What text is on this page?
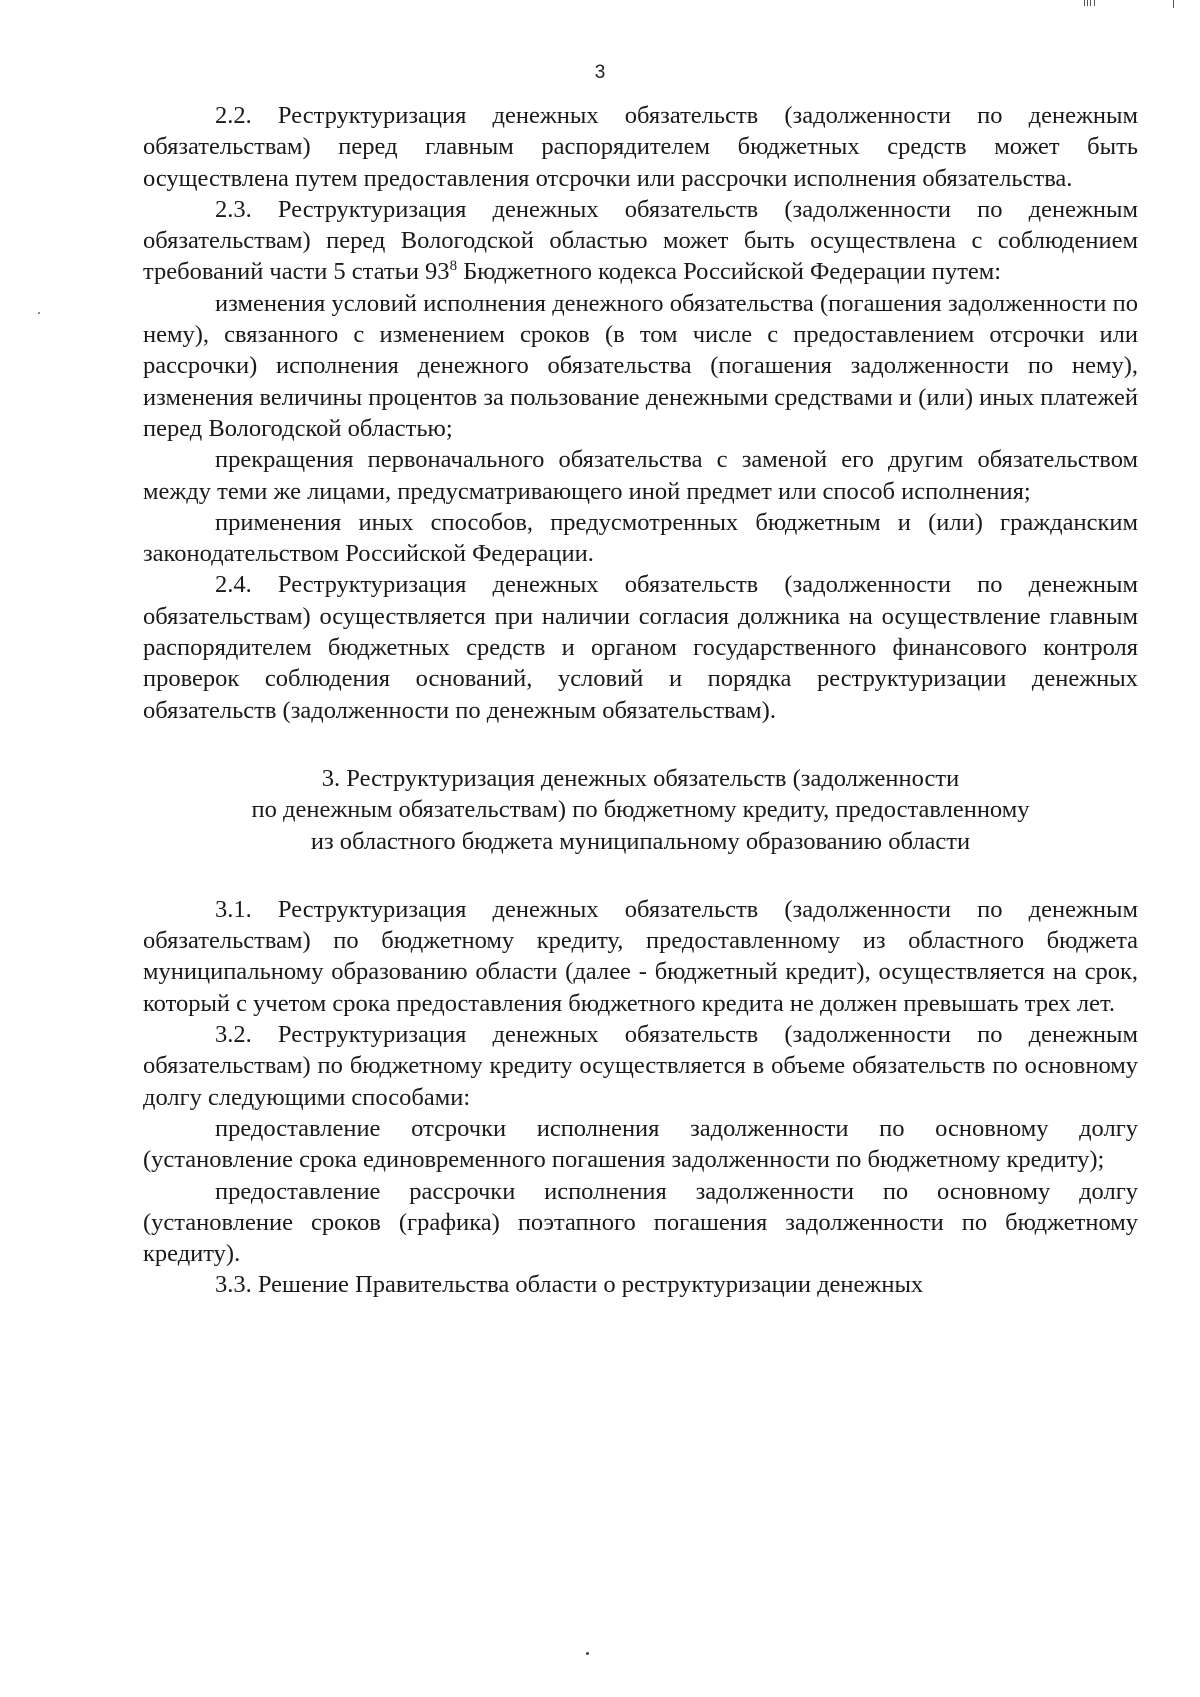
3

2.2. Реструктуризация денежных обязательств (задолженности по денежным обязательствам) перед главным распорядителем бюджетных средств может быть осуществлена путем предоставления отсрочки или рассрочки исполнения обязательства.

2.3. Реструктуризация денежных обязательств (задолженности по денежным обязательствам) перед Вологодской областью может быть осуществлена с соблюдением требований части 5 статьи $93^8$ Бюджетного кодекса Российской Федерации путем:

изменения условий исполнения денежного обязательства (погашения задолженности по нему), связанного с изменением сроков (в том числе с предоставлением отсрочки или рассрочки) исполнения денежного обязательства (погашения задолженности по нему), изменения величины процентов за пользование денежными средствами и (или) иных платежей перед Вологодской областью;

прекращения первоначального обязательства с заменой его другим обязательством между теми же лицами, предусматривающего иной предмет или способ исполнения;

применения иных способов, предусмотренных бюджетным и (или) гражданским законодательством Российской Федерации.

2.4. Реструктуризация денежных обязательств (задолженности по денежным обязательствам) осуществляется при наличии согласия должника на осуществление главным распорядителем бюджетных средств и органом государственного финансового контроля проверок соблюдения оснований, условий и порядка реструктуризации денежных обязательств (задолженности по денежным обязательствам).

3. Реструктуризация денежных обязательств (задолженности
по денежным обязательствам) по бюджетному кредиту, предоставленному
из областного бюджета муниципальному образованию области

3.1. Реструктуризация денежных обязательств (задолженности по денежным обязательствам) по бюджетному кредиту, предоставленному из областного бюджета муниципальному образованию области (далее - бюджетный кредит), осуществляется на срок, который с учетом срока предоставления бюджетного кредита не должен превышать трех лет.

3.2. Реструктуризация денежных обязательств (задолженности по денежным обязательствам) по бюджетному кредиту осуществляется в объеме обязательств по основному долгу следующими способами:

предоставление отсрочки исполнения задолженности по основному долгу (установление срока единовременного погашения задолженности по бюджетному кредиту);

предоставление рассрочки исполнения задолженности по основному долгу (установление сроков (графика) поэтапного погашения задолженности по бюджетному кредиту).

3.3. Решение Правительства области о реструктуризации денежных
